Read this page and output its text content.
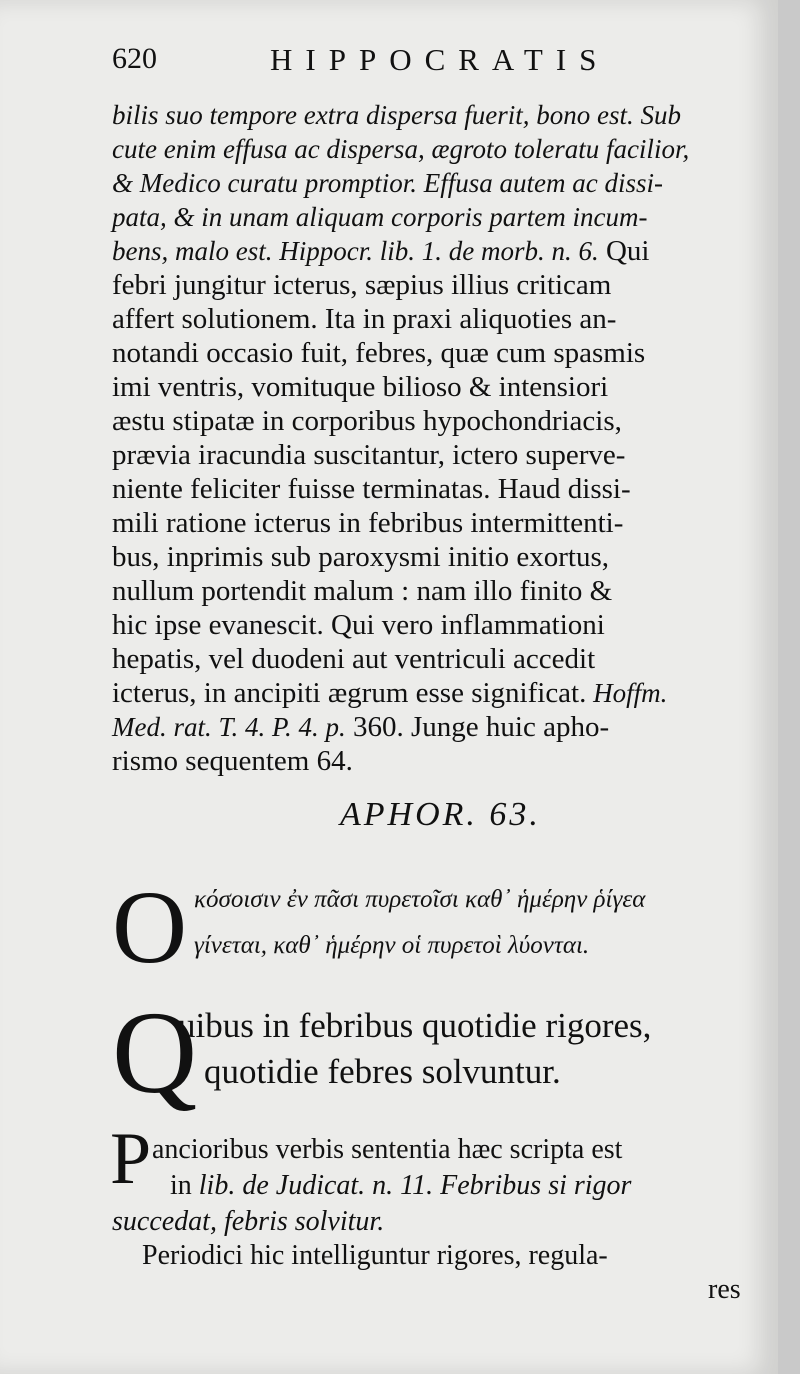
620	HIPPOCRATIS
bilis suo tempore extra dispersa fuerit, bono est. Sub
cute enim effusa ac dispersa, ægroto toleratu facilior,
& Medico curatu promptior. Effusa autem ac dissi-
pata, & in unam aliquam corporis partem incum-
bens, malo est. Hippocr. lib. 1. de morb. n. 6. Qui
febri jungitur icterus, sæpius illius criticam
affert solutionem. Ita in praxi aliquoties an-
notandi occasio fuit, febres, quæ cum spasmis
imi ventris, vomituque bilioso & intensiori
æstu stipatæ in corporibus hypochondriacis,
prævia iracundia suscitantur, ictero superve-
niente feliciter fuisse terminatas. Haud dissi-
mili ratione icterus in febribus intermittenti-
bus, inprimis sub paroxysmi initio exortus,
nullum portendit malum : nam illo finito &
hic ipse evanescit. Qui vero inflammationi
hepatis, vel duodeni aut ventriculi accedit
icterus, in ancipiti ægrum esse significat. Hoffm.
Med. rat. T. 4. P. 4. p. 360. Junge huic apho-
rismo sequentem 64.
APHOR. 63.
O κόσοισιν ἐν πᾶσι πυρετοῖσι καθ᾽ ἡμέρην ῥίγεα
γίνεται, καθ᾽ ἡμέρην οἱ πυρετοὶ λύονται.
Q
uibus in febribus quotidie rigores,
quotidie febres solvuntur.
P ancioribus verbis sententia hæc scripta est
in lib. de Judicat. n. 11. Febribus si rigor
succedat, febris solvitur.
Periodici hic intelliguntur rigores, regula-
res
